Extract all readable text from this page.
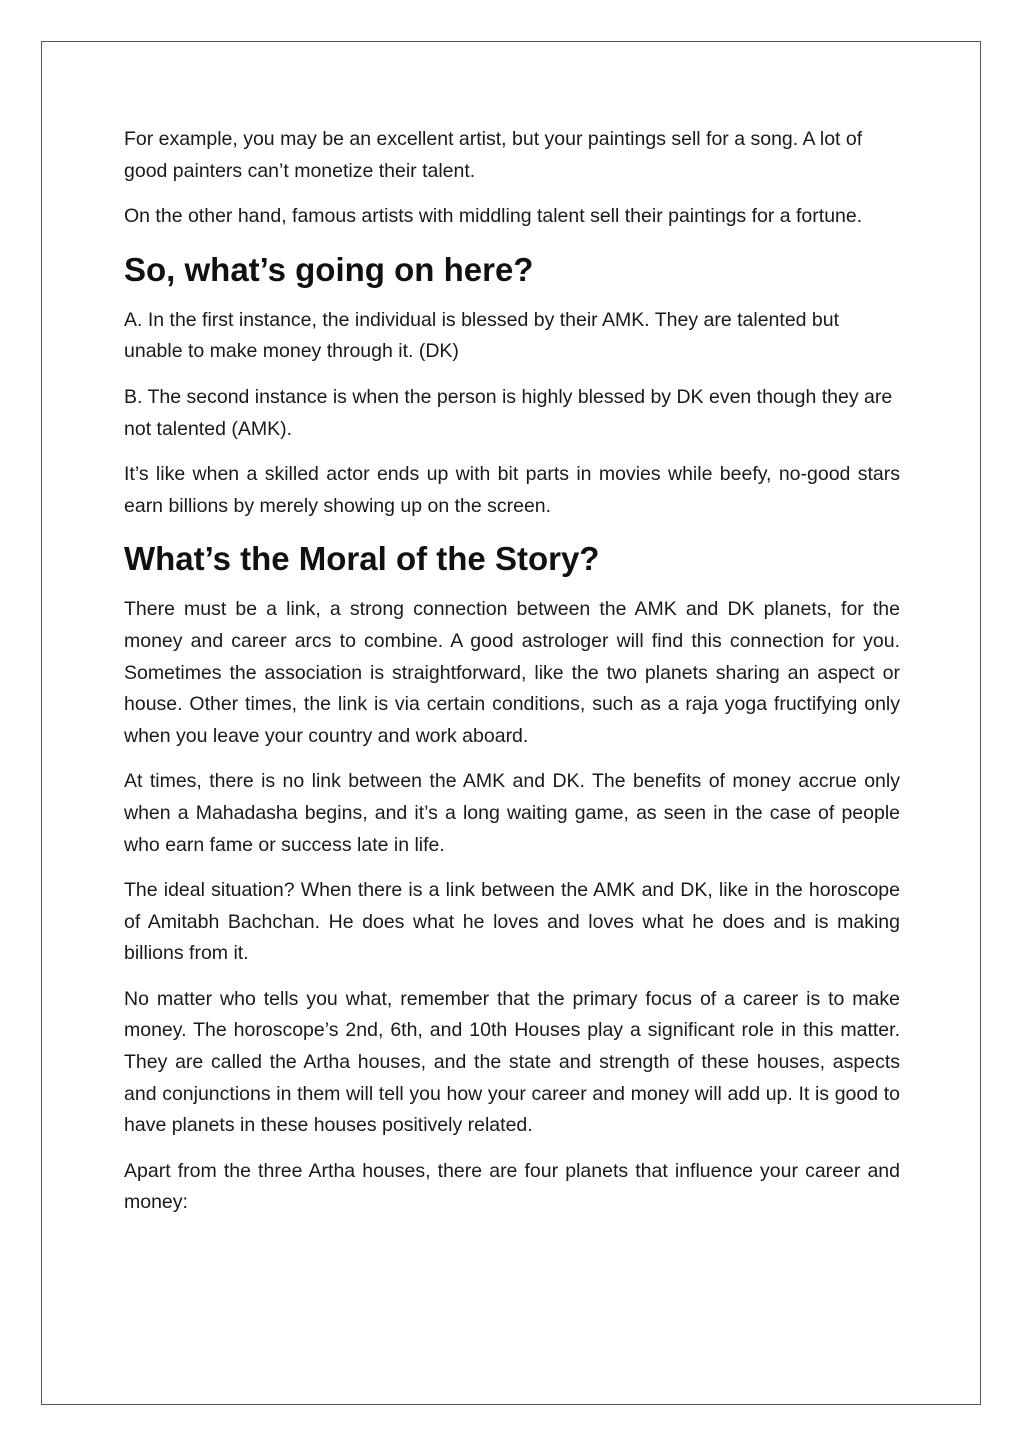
For example, you may be an excellent artist, but your paintings sell for a song. A lot of good painters can’t monetize their talent.

On the other hand, famous artists with middling talent sell their paintings for a fortune.

So, what’s going on here?

A. In the first instance, the individual is blessed by their AMK. They are talented but unable to make money through it. (DK)

B. The second instance is when the person is highly blessed by DK even though they are not talented (AMK).

It’s like when a skilled actor ends up with bit parts in movies while beefy, no-good stars earn billions by merely showing up on the screen.

What’s the Moral of the Story?

There must be a link, a strong connection between the AMK and DK planets, for the money and career arcs to combine. A good astrologer will find this connection for you. Sometimes the association is straightforward, like the two planets sharing an aspect or house. Other times, the link is via certain conditions, such as a raja yoga fructifying only when you leave your country and work aboard.

At times, there is no link between the AMK and DK. The benefits of money accrue only when a Mahadasha begins, and it’s a long waiting game, as seen in the case of people who earn fame or success late in life.

The ideal situation? When there is a link between the AMK and DK, like in the horoscope of Amitabh Bachchan. He does what he loves and loves what he does and is making billions from it.

No matter who tells you what, remember that the primary focus of a career is to make money. The horoscope’s 2nd, 6th, and 10th Houses play a significant role in this matter. They are called the Artha houses, and the state and strength of these houses, aspects and conjunctions in them will tell you how your career and money will add up. It is good to have planets in these houses positively related.

Apart from the three Artha houses, there are four planets that influence your career and money:
